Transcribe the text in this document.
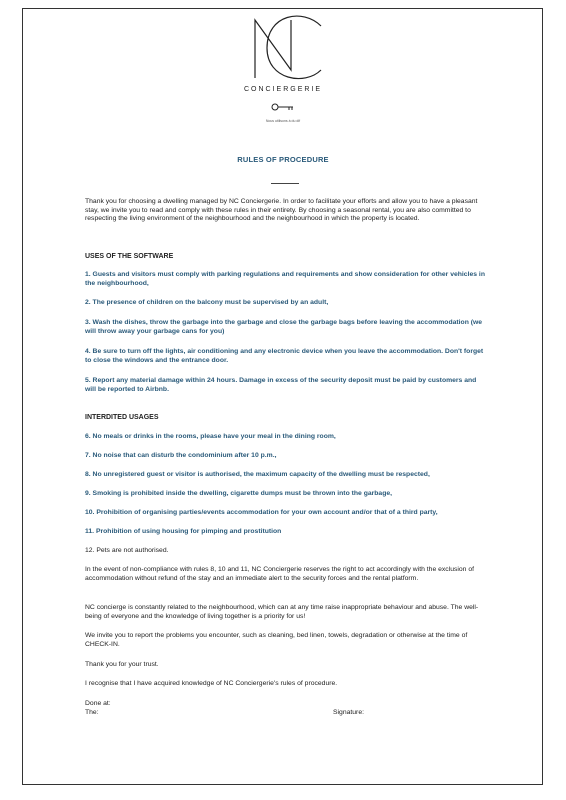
CONCIERGERIE
Nous utilisons à du dif
RULES OF PROCEDURE

Thank you for choosing a dwelling managed by NC Conciergerie. In order to facilitate your efforts and allow you to have a pleasant stay, we invite you to read and comply with these rules in their entirety. By choosing a seasonal rental, you are also committed to respecting the living environment of the neighbourhood and the neighbourhood in which the property is located.

USES OF THE SOFTWARE

1. Guests and visitors must comply with parking regulations and requirements and show consideration for other vehicles in the neighbourhood,

2. The presence of children on the balcony must be supervised by an adult,

3. Wash the dishes, throw the garbage into the garbage and close the garbage bags before leaving the accommodation (we will throw away your garbage cans for you)

4. Be sure to turn off the lights, air conditioning and any electronic device when you leave the accommodation. Don't forget to close the windows and the entrance door.

5. Report any material damage within 24 hours. Damage in excess of the security deposit must be paid by customers and will be reported to Airbnb.

INTERDITED USAGES

6. No meals or drinks in the rooms, please have your meal in the dining room,

7. No noise that can disturb the condominium after 10 p.m.,

8. No unregistered guest or visitor is authorised, the maximum capacity of the dwelling must be respected,

9. Smoking is prohibited inside the dwelling, cigarette dumps must be thrown into the garbage,

10. Prohibition of organising parties/events accommodation for your own account and/or that of a third party,

11. Prohibition of using housing for pimping and prostitution

12. Pets are not authorised.

In the event of non-compliance with rules 8, 10 and 11, NC Conciergerie reserves the right to act accordingly with the exclusion of accommodation without refund of the stay and an immediate alert to the security forces and the rental platform.

NC concierge is constantly related to the neighbourhood, which can at any time raise inappropriate behaviour and abuse. The well-being of everyone and the knowledge of living together is a priority for us!

We invite you to report the problems you encounter, such as cleaning, bed linen, towels, degradation or otherwise at the time of CHECK-IN.

Thank you for your trust.

I recognise that I have acquired knowledge of NC Conciergerie's rules of procedure.

Done at:
The:	Signature:
